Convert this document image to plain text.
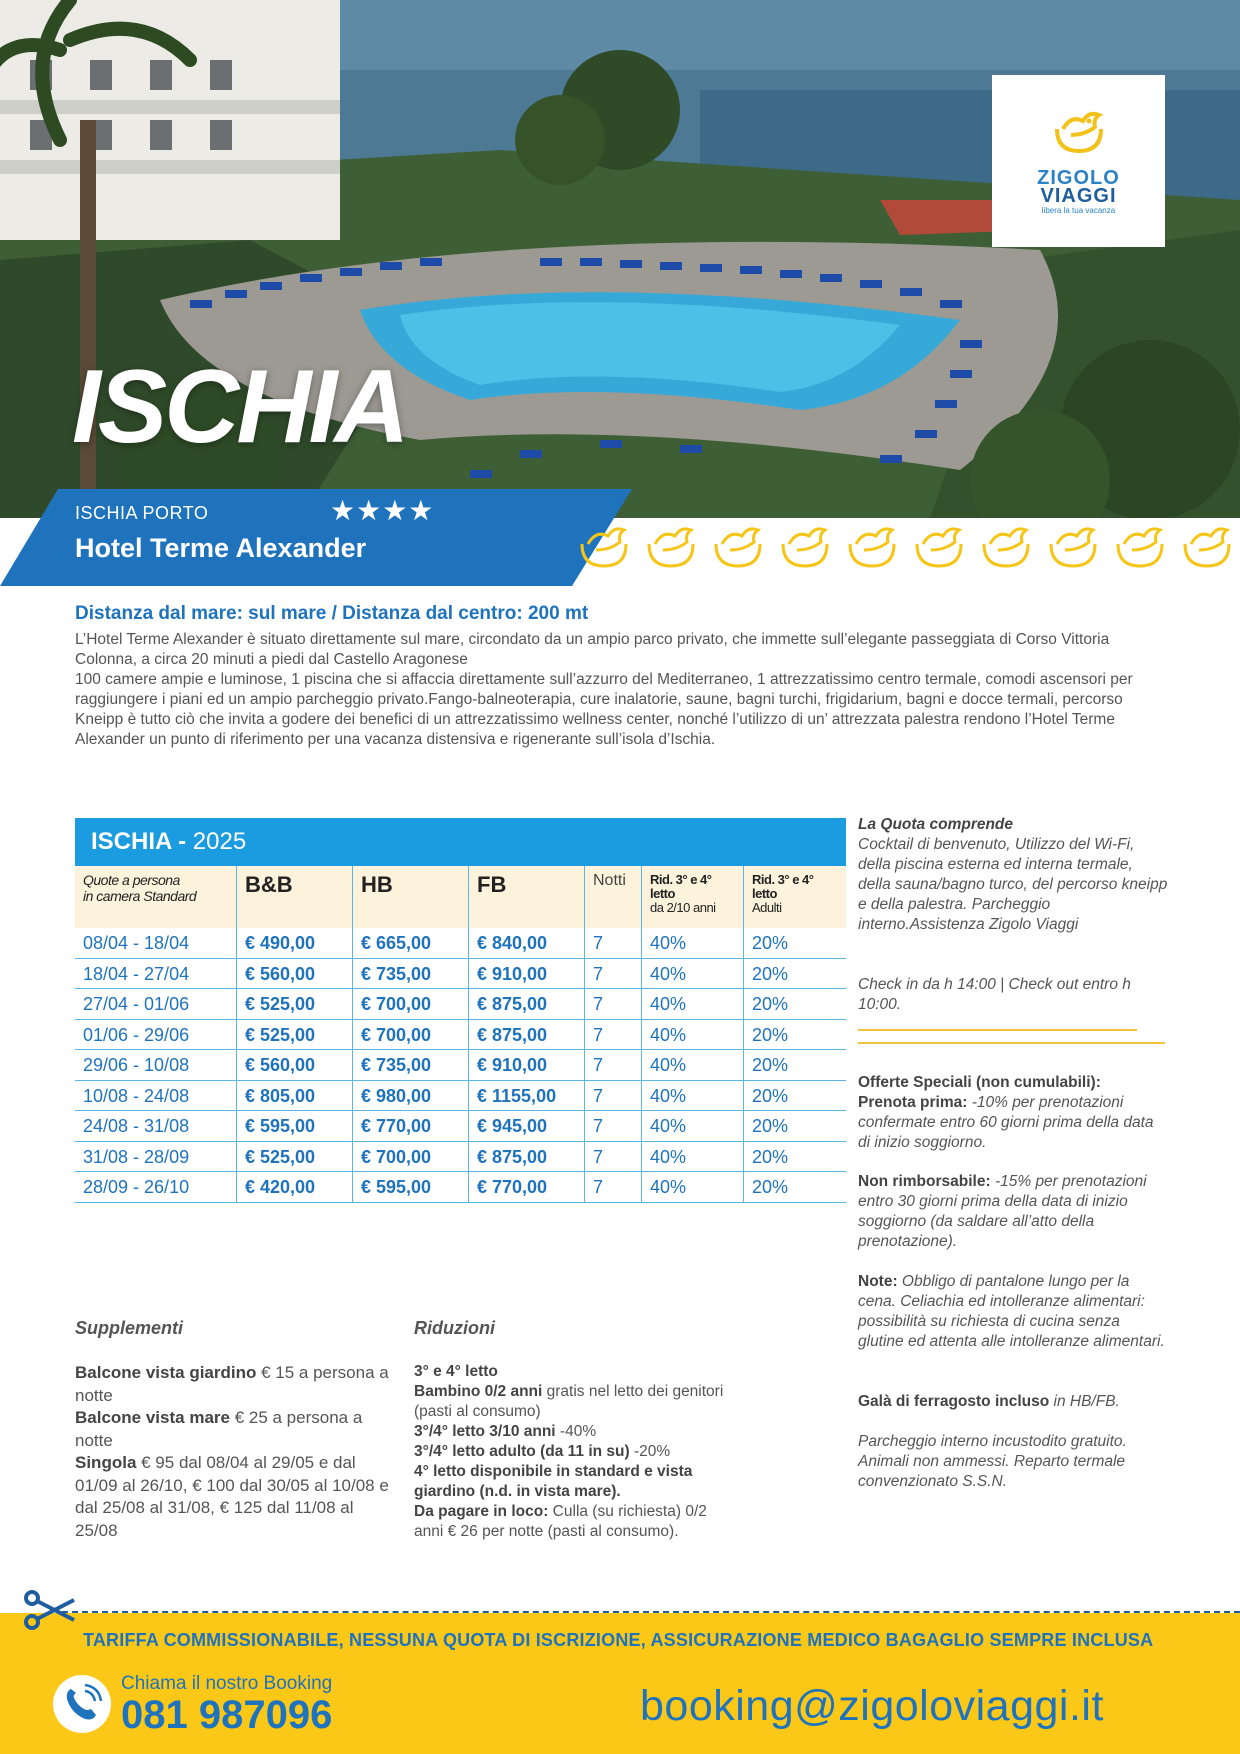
ISCHIA
ZIGOLO
VIAGGI
libera la tua vacanza
ISCHIA PORTO	★★★★
Hotel Terme Alexander
Distanza dal mare: sul mare / Distanza dal centro: 200 mt
L’Hotel Terme Alexander è situato direttamente sul mare, circondato da un ampio parco privato, che immette sull’elegante passeggiata di Corso Vittoria Colonna, a circa 20 minuti a piedi dal Castello Aragonese
100 camere ampie e luminose, 1 piscina che si affaccia direttamente sull’azzurro del Mediterraneo, 1 attrezzatissimo centro termale, comodi ascensori per raggiungere i piani ed un ampio parcheggio privato.Fango-balneoterapia, cure inalatorie, saune, bagni turchi, frigidarium, bagni e docce termali, percorso Kneipp è tutto ciò che invita a godere dei benefici di un attrezzatissimo wellness center, nonché l’utilizzo di un’ attrezzata palestra rendono l’Hotel Terme Alexander un punto di riferimento per una vacanza distensiva e rigenerante sull’isola d’Ischia.
ISCHIA - 2025
Quote a persona
in camera Standard	B&B	HB	FB	Notti	Rid. 3° e 4°
letto
da 2/10 anni
Rid. 3° e 4°
letto
Adulti
08/04 - 18/04	€ 490,00	€ 665,00	€ 840,00	7	40%	20%
18/04 - 27/04	€ 560,00	€ 735,00	€ 910,00	7	40%	20%
27/04 - 01/06	€ 525,00	€ 700,00	€ 875,00	7	40%	20%
01/06 - 29/06	€ 525,00	€ 700,00	€ 875,00	7	40%	20%
29/06 - 10/08	€ 560,00	€ 735,00	€ 910,00	7	40%	20%
10/08 - 24/08	€ 805,00	€ 980,00	€ 1155,00	7	40%	20%
24/08 - 31/08	€ 595,00	€ 770,00	€ 945,00	7	40%	20%
31/08 - 28/09	€ 525,00	€ 700,00	€ 875,00	7	40%	20%
28/09 - 26/10	€ 420,00	€ 595,00	€ 770,00	7	40%	20%
La Quota comprende
Cocktail di benvenuto, Utilizzo del Wi-Fi, della piscina esterna ed interna termale, della sauna/bagno turco, del percorso kneipp e della palestra. Parcheggio interno.Assistenza Zigolo Viaggi
Check in da h 14:00 | Check out entro h 10:00.
Offerte Speciali (non cumulabili):
Prenota prima: -10% per prenotazioni confermate entro 60 giorni prima della data di inizio soggiorno.
Non rimborsabile: -15% per prenotazioni entro 30 giorni prima della data di inizio soggiorno (da saldare all’atto della prenotazione).
Note: Obbligo di pantalone lungo per la cena. Celiachia ed intolleranze alimentari: possibilità su richiesta di cucina senza glutine ed attenta alle intolleranze alimentari.
Galà di ferragosto incluso in HB/FB.
Parcheggio interno incustodito gratuito. Animali non ammessi. Reparto termale convenzionato S.S.N.
Supplementi
Balcone vista giardino € 15 a persona a notte
Balcone vista mare € 25 a persona a notte
Singola € 95 dal 08/04 al 29/05 e dal 01/09 al 26/10, € 100 dal 30/05 al 10/08 e dal 25/08 al 31/08, € 125 dal 11/08 al 25/08
Riduzioni
3° e 4° letto
Bambino 0/2 anni gratis nel letto dei genitori (pasti al consumo)
3°/4° letto 3/10 anni -40%
3°/4° letto adulto (da 11 in su) -20%
4° letto disponibile in standard e vista giardino (n.d. in vista mare).
Da pagare in loco: Culla (su richiesta) 0/2 anni € 26 per notte (pasti al consumo).
TARIFFA COMMISSIONABILE, NESSUNA QUOTA DI ISCRIZIONE, ASSICURAZIONE MEDICO BAGAGLIO SEMPRE INCLUSA
Chiama il nostro Booking
081 987096	booking@zigoloviaggi.it
